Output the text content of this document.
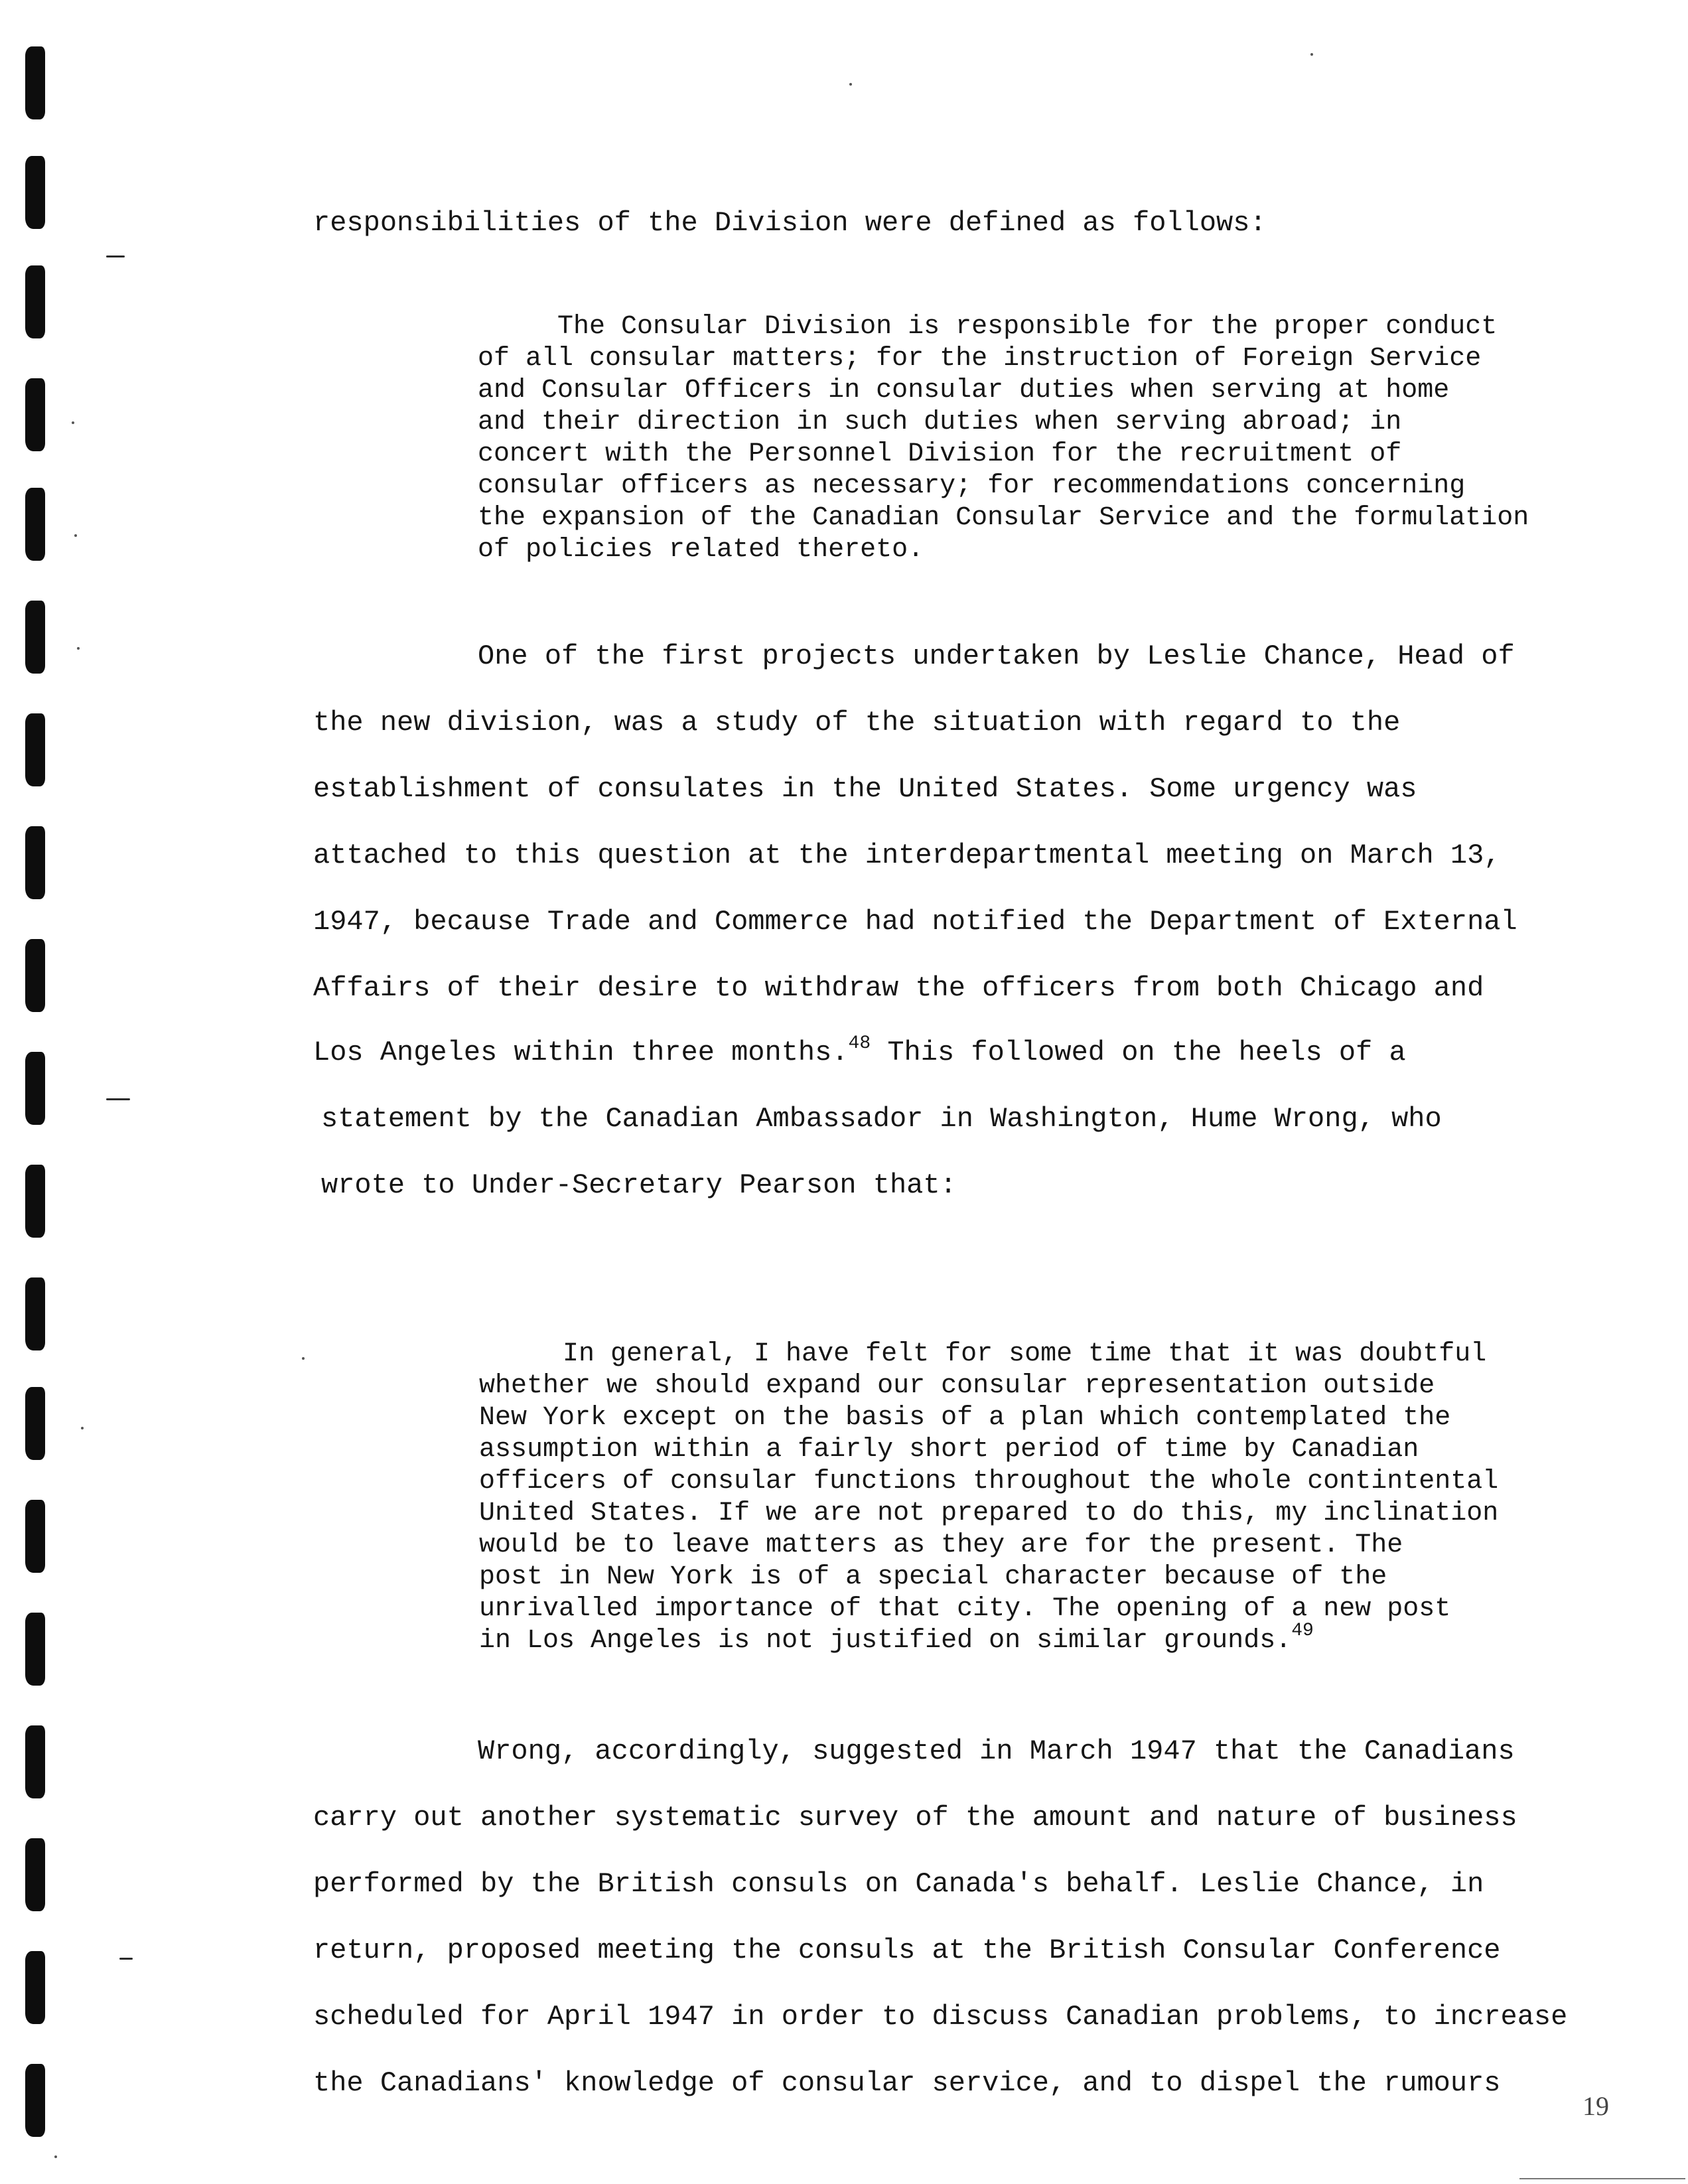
responsibilities of the Division were defined as follows:
The Consular Division is responsible for the proper conduct
of all consular matters; for the instruction of Foreign Service
and Consular Officers in consular duties when serving at home
and their direction in such duties when serving abroad; in
concert with the Personnel Division for the recruitment of
consular officers as necessary; for recommendations concerning
the expansion of the Canadian Consular Service and the formulation
of policies related thereto.
One of the first projects undertaken by Leslie Chance, Head of
the new division, was a study of the situation with regard to the
establishment of consulates in the United States. Some urgency was
attached to this question at the interdepartmental meeting on March 13,
1947, because Trade and Commerce had notified the Department of External
Affairs of their desire to withdraw the officers from both Chicago and
Los Angeles within three months.$^{48}$ This followed on the heels of a
statement by the Canadian Ambassador in Washington, Hume Wrong, who
wrote to Under-Secretary Pearson that:
In general, I have felt for some time that it was doubtful
whether we should expand our consular representation outside
New York except on the basis of a plan which contemplated the
assumption within a fairly short period of time by Canadian
officers of consular functions throughout the whole contintental
United States. If we are not prepared to do this, my inclination
would be to leave matters as they are for the present. The
post in New York is of a special character because of the
unrivalled importance of that city. The opening of a new post
in Los Angeles is not justified on similar grounds.$^{49}$
Wrong, accordingly, suggested in March 1947 that the Canadians
carry out another systematic survey of the amount and nature of business
performed by the British consuls on Canada's behalf. Leslie Chance, in
return, proposed meeting the consuls at the British Consular Conference
scheduled for April 1947 in order to discuss Canadian problems, to increase
the Canadians' knowledge of consular service, and to dispel the rumours
19
